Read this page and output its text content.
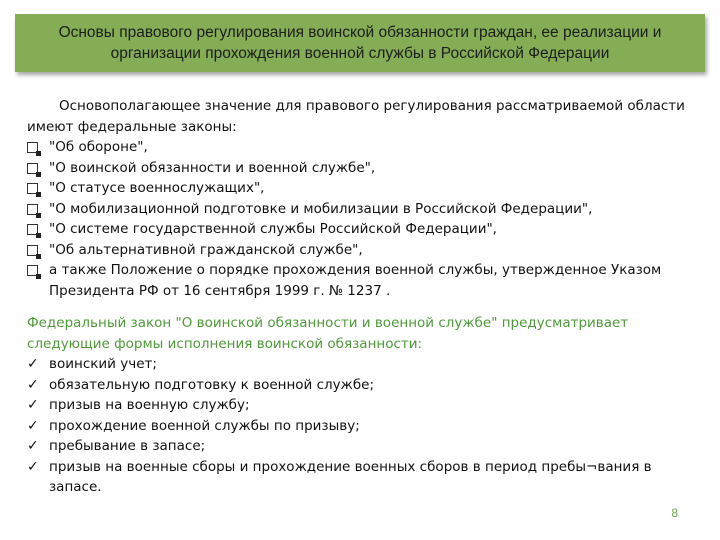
Основы правового регулирования воинской обязанности граждан, ее реализации и
организации прохождения военной службы в Российской Федерации

Основополагающее значение для правового регулирования рассматриваемой области имеют федеральные законы:

"Об обороне",
"О воинской обязанности и военной службе",
"О статусе военнослужащих",
"О мобилизационной подготовке и мобилизации в Российской Федерации",
"О системе государственной службы Российской Федерации",
"Об альтернативной гражданской службе",
а также Положение о порядке прохождения военной службы, утвержденное Указом Президента РФ от 16 сентября 1999 г. № 1237 .

Федеральный закон "О воинской обязанности и военной службе" предусматривает следующие формы исполнения воинской обязанности:

✓ воинский учет;
✓ обязательную подготовку к военной службе;
✓ призыв на военную службу;
✓ прохождение военной службы по призыву;
✓ пребывание в запасе;
✓ призыв на военные сборы и прохождение военных сборов в период пребы¬вания в запасе.
8
